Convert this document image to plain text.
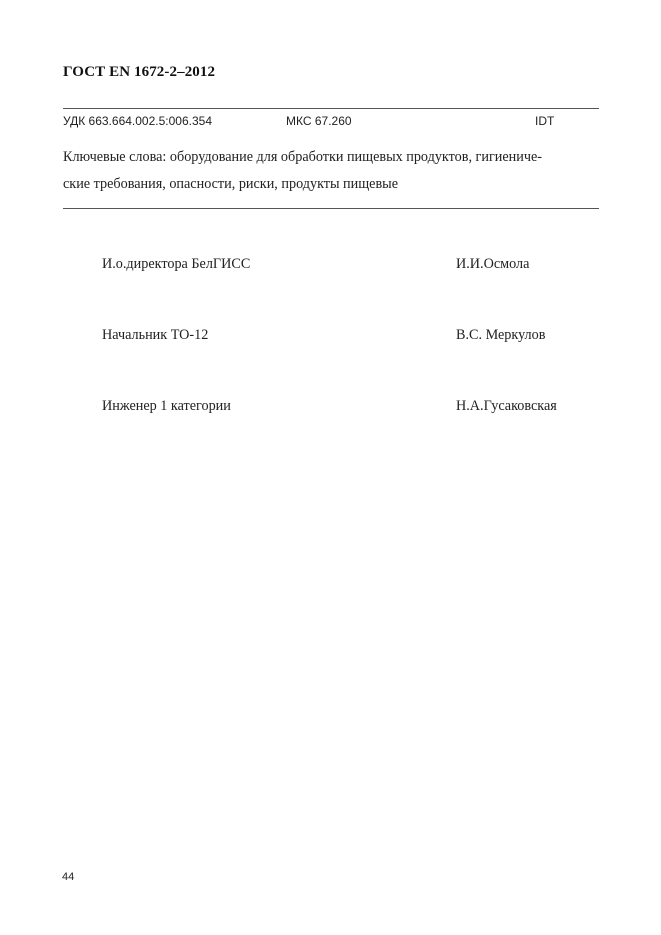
ГОСТ EN 1672-2–2012
УДК 663.664.002.5:006.354	МКС 67.260	IDT
Ключевые слова: оборудование для обработки пищевых продуктов, гигиениче-
ские требования, опасности, риски, продукты пищевые
И.о.директора БелГИСС	И.И.Осмола
Начальник ТО-12	В.С. Меркулов
Инженер 1 категории	Н.А.Гусаковская
44
